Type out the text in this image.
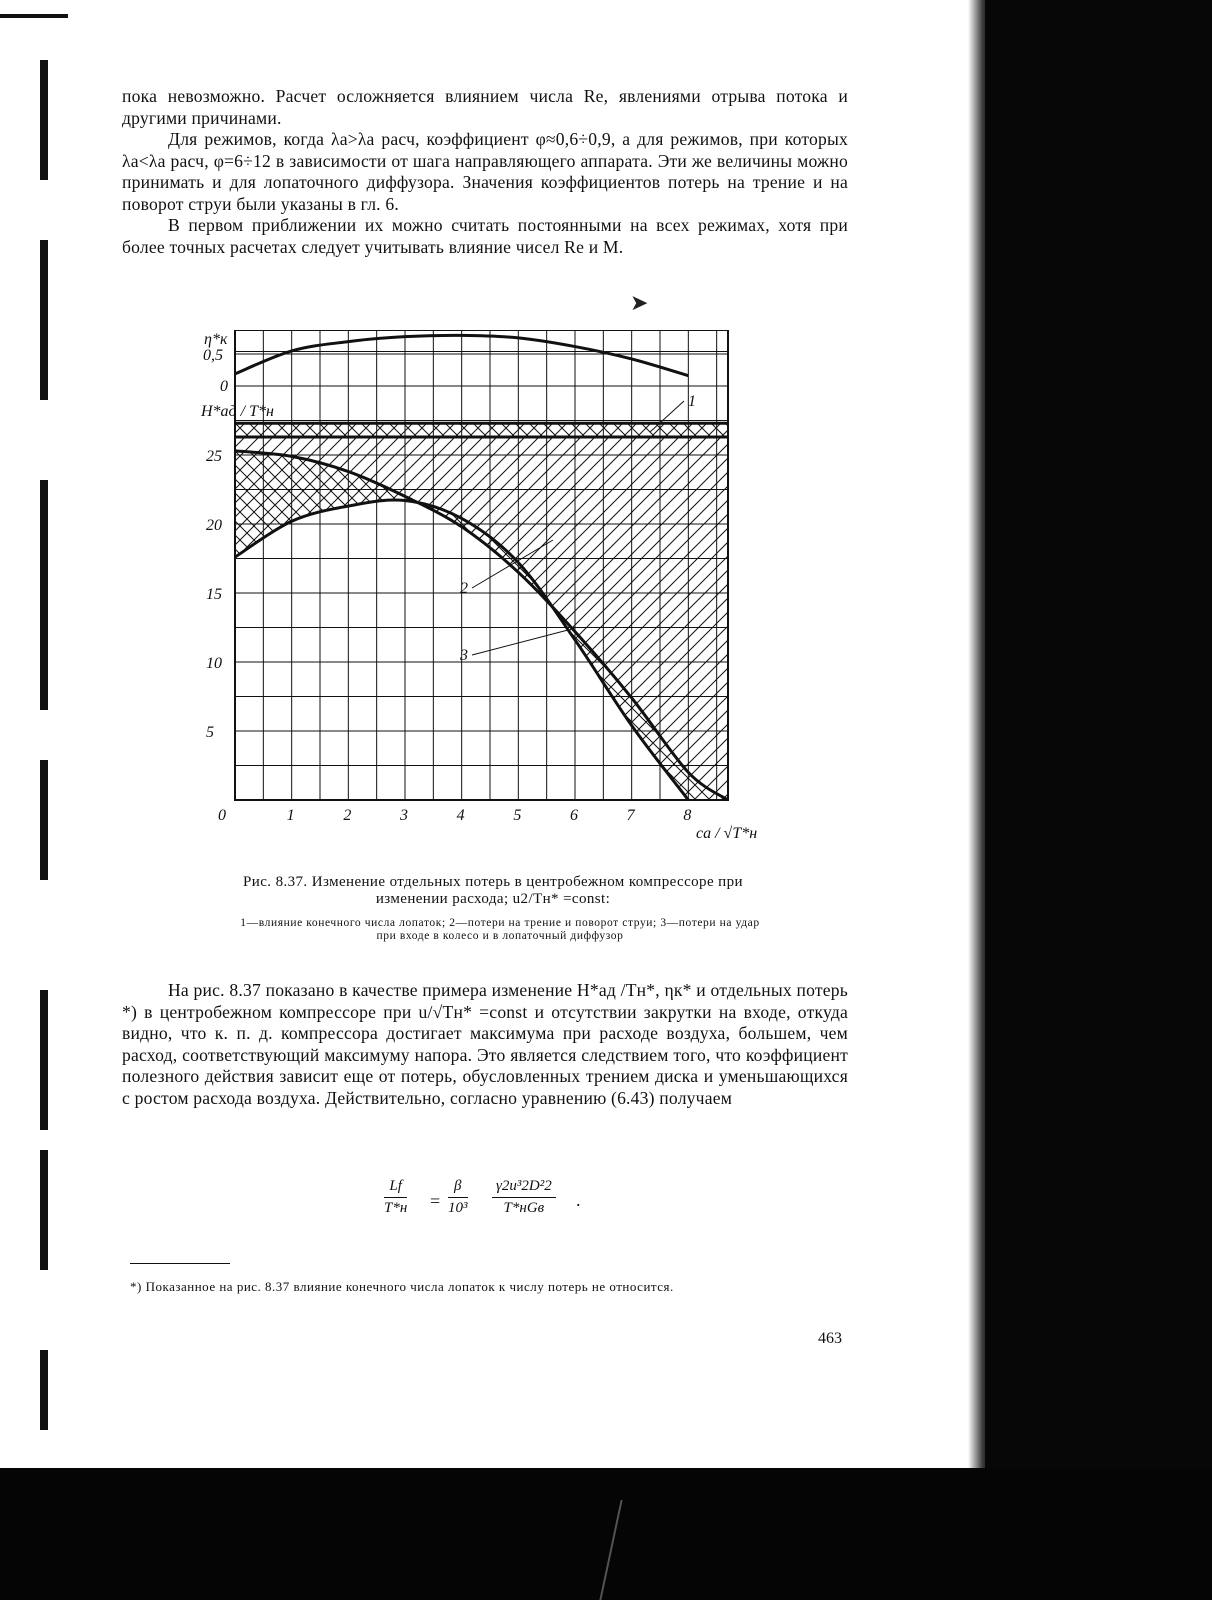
пока невозможно. Расчет осложняется влиянием числа Re, явлениями отрыва потока и другими причинами.

Для режимов, когда λa>λa расч, коэффициент φ≈0,6÷0,9, а для режимов, при которых λa<λa расч, φ=6÷12 в зависимости от шага направляющего аппарата. Эти же величины можно принимать и для лопаточного диффузора. Значения коэффициентов потерь на трение и на поворот струи были указаны в гл. 6.

В первом приближении их можно считать постоянными на всех режимах, хотя при более точных расчетах следует учитывать влияние чисел Re и M.

➤
0	1	2	3	4	5	6	7	8
5
10
15
20
25
0,5
0
η*к
H*ад / T*н
ca / √T*н
1
2
3
Рис. 8.37. Изменение отдельных потерь в центробежном компрессоре при изменении расхода; u2/Tн* =const:
1—влияние конечного числа лопаток; 2—потери на трение и поворот струи; 3—потери на удар при входе в колесо и в лопаточный диффузор

На рис. 8.37 показано в качестве примера изменение H*ад /Tн*, ηк* и отдельных потерь *) в центробежном компрессоре при u/√Tн* =const и отсутствии закрутки на входе, откуда видно, что к. п. д. компрессора достигает максимума при расходе воздуха, большем, чем расход, соответствующий максимуму напора. Это является следствием того, что коэффициент полезного действия зависит еще от потерь, обусловленных трением диска и уменьшающихся с ростом расхода воздуха. Действительно, согласно уравнению (6.43) получаем

Lf
$T*н = \frac{\beta}{\text{10³}} \gamma 2u^32D^22$
T*нGв	.
*) Показанное на рис. 8.37 влияние конечного числа лопаток к числу потерь не относится.
463
